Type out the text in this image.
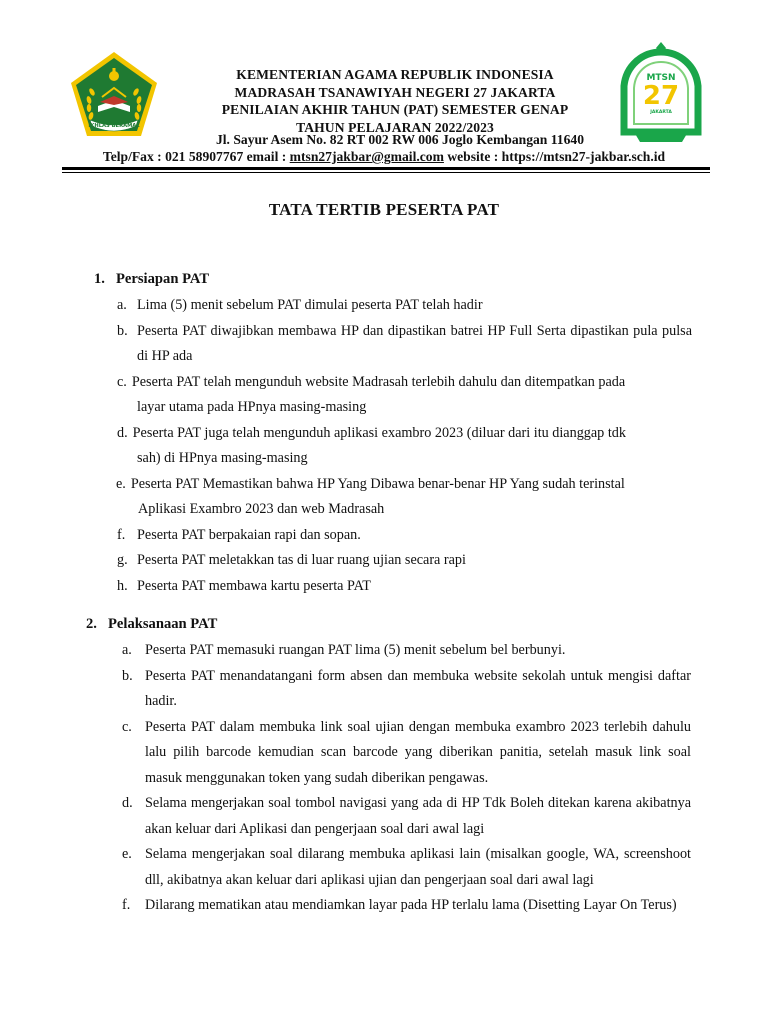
IKHLAS BERAMAL
KEMENTERIAN AGAMA REPUBLIK INDONESIA
MADRASAH TSANAWIYAH NEGERI 27 JAKARTA
PENILAIAN AKHIR TAHUN (PAT) SEMESTER GENAP
TAHUN PELAJARAN 2022/2023
Jl. Sayur Asem No. 82 RT 002 RW 006 Joglo Kembangan 11640
Telp/Fax : 021 58907767 email : mtsn27jakbar@gmail.com website : https://mtsn27-jakbar.sch.id
MTSN
27
JAKARTA
TATA TERTIB PESERTA PAT
1. Persiapan PAT
a. Lima (5) menit sebelum PAT dimulai peserta PAT telah hadir
b. Peserta PAT diwajibkan membawa HP dan dipastikan batrei HP Full Serta dipastikan pula pulsa di HP ada
c. Peserta PAT telah mengunduh website Madrasah terlebih dahulu dan ditempatkan pada
layar utama pada HPnya masing-masing
d. Peserta PAT juga telah mengunduh aplikasi exambro 2023 (diluar dari itu dianggap tdk
sah) di HPnya masing-masing
e. Peserta PAT Memastikan bahwa HP Yang Dibawa benar-benar HP Yang sudah terinstal
Aplikasi Exambro 2023 dan web Madrasah
f. Peserta PAT berpakaian rapi dan sopan.
g. Peserta PAT meletakkan tas di luar ruang ujian secara rapi
h. Peserta PAT membawa kartu peserta PAT
2. Pelaksanaan PAT
a. Peserta PAT memasuki ruangan PAT lima (5) menit sebelum bel berbunyi.
b. Peserta PAT menandatangani form absen dan membuka website sekolah untuk mengisi daftar hadir.
c. Peserta PAT dalam membuka link soal ujian dengan membuka exambro 2023 terlebih dahulu lalu pilih barcode kemudian scan barcode yang diberikan panitia, setelah masuk link soal masuk menggunakan token yang sudah diberikan pengawas.
d. Selama mengerjakan soal tombol navigasi yang ada di HP Tdk Boleh ditekan karena akibatnya akan keluar dari Aplikasi dan pengerjaan soal dari awal lagi
e. Selama mengerjakan soal dilarang membuka aplikasi lain (misalkan google, WA, screenshoot dll, akibatnya akan keluar dari aplikasi ujian dan pengerjaan soal dari awal lagi
f. Dilarang mematikan atau mendiamkan layar pada HP terlalu lama (Disetting Layar On Terus)
